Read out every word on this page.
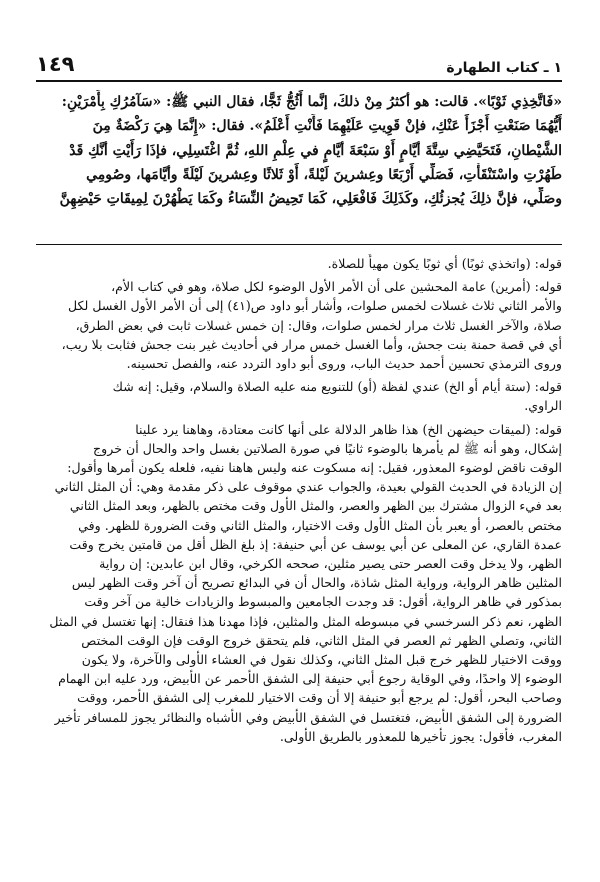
١ ـ كتاب الطهارة
١٤٩
«فَاتَّخِذِي ثَوْبًا». قالت: هو أكثرُ مِنْ ذلكَ، إنَّما أَثُجُّ ثَجًّا، فقال النبي ﷺ: «سَآمُرُكِ بِأَمْرَيْنِ:
أَيُّهُمَا صَنَعْتِ أَجْزَأَ عَنْكِ، فإنْ قَوِيتِ عَلَيْهِمَا فَأَنْتِ أَعْلَمُ». فقال: «إِنَّمَا هِيَ رَكْضَةٌ مِنَ
الشَّيْطانِ، فَتَحَيَّضِي سِتَّةَ أيَّامٍ أَوْ سَبْعَةَ أيَّامٍ في عِلْمِ اللهِ، ثُمَّ اغْتَسِلِي، فإذَا رَأَيْتِ أنَّكِ قَدْ
طَهُرْتِ واسْتَنْقَأْتِ، فَصَلِّي أَرْبَعًا وعِشرينَ لَيْلةً، أَوْ ثَلاثًا وعِشرينَ لَيْلَةً وأيَّامَها، وصُومِي
وصَلِّي، فإنَّ ذلِكَ يُجزئُكِ، وكَذَلِكَ فَافْعَلِي، كَمَا تَحِيضُ النِّسَاءُ وكَمَا يَطْهُرْنَ لِمِيقَاتِ حَيْضِهِنَّ
قوله: (واتخذي ثوبًا) أي ثوبًا يكون مهيأً للصلاة.
قوله: (أمرين) عامة المحشين على أن الأمر الأول الوضوء لكل صلاة، وهو في كتاب الأم،
والأمر الثاني ثلاث غسلات لخمس صلوات، وأشار أبو داود ص(٤١) إلى أن الأمر الأول الغسل لكل
صلاة، والآخر الغسل ثلاث مرار لخمس صلوات، وقال: إن خمس غسلات ثابت في بعض الطرق،
أي في قصة حمنة بنت جحش، وأما الغسل خمس مرار في أحاديث غير بنت جحش فثابت بلا ريب،
وروى الترمذي تحسين أحمد حديث الباب، وروى أبو داود التردد عنه، والفصل تحسينه.
قوله: (ستة أيام أو الخ) عندي لفظة (أو) للتنويع منه عليه الصلاة والسلام، وقيل: إنه شك
الراوي.
قوله: (لميقات حيضهن الخ) هذا ظاهر الدلالة على أنها كانت معتادة، وهاهنا يرد علينا
إشكال، وهو أنه ﷺ لم يأمرها بالوضوء ثانيًا في صورة الصلاتين بغسل واحد والحال أن خروج
الوقت ناقض لوضوء المعذور، فقيل: إنه مسكوت عنه وليس هاهنا نفيه، فلعله يكون أمرها وأقول:
إن الزيادة في الحديث القولي بعيدة، والجواب عندي موقوف على ذكر مقدمة وهي: أن المثل الثاني
بعد فيء الزوال مشترك بين الظهر والعصر، والمثل الأول وقت مختص بالظهر، وبعد المثل الثاني
مختص بالعصر، أو يعبر بأن المثل الأول وقت الاختيار، والمثل الثاني وقت الضرورة للظهر. وفي
عمدة القاري، عن المعلى عن أبي يوسف عن أبي حنيفة: إذ بلغ الظل أقل من قامتين يخرج وقت
الظهر، ولا يدخل وقت العصر حتى يصير مثلين، صححه الكرخي، وقال ابن عابدين: إن رواية
المثلين ظاهر الرواية، ورواية المثل شاذة، والحال أن في البدائع تصريح أن آخر وقت الظهر ليس
بمذكور في ظاهر الرواية، أقول: قد وجدت الجامعين والمبسوط والزيادات خالية من آخر وقت
الظهر، نعم ذكر السرخسي في مبسوطه المثل والمثلين، فإذا مهدنا هذا فنقال: إنها تغتسل في المثل
الثاني، وتصلي الظهر ثم العصر في المثل الثاني، فلم يتحقق خروج الوقت فإن الوقت المختص
ووقت الاختيار للظهر خرج قبل المثل الثاني، وكذلك نقول في العشاء الأولى والآخرة، ولا يكون
الوضوء إلا واحدًا، وفي الوقاية رجوع أبي حنيفة إلى الشفق الأحمر عن الأبيض، ورد عليه ابن الهمام
وصاحب البحر، أقول: لم يرجع أبو حنيفة إلا أن وقت الاختيار للمغرب إلى الشفق الأحمر، ووقت
الضرورة إلى الشفق الأبيض، فتغتسل في الشفق الأبيض وفي الأشباه والنظائر يجوز للمسافر تأخير
المغرب، فأقول: يجوز تأخيرها للمعذور بالطريق الأولى.
